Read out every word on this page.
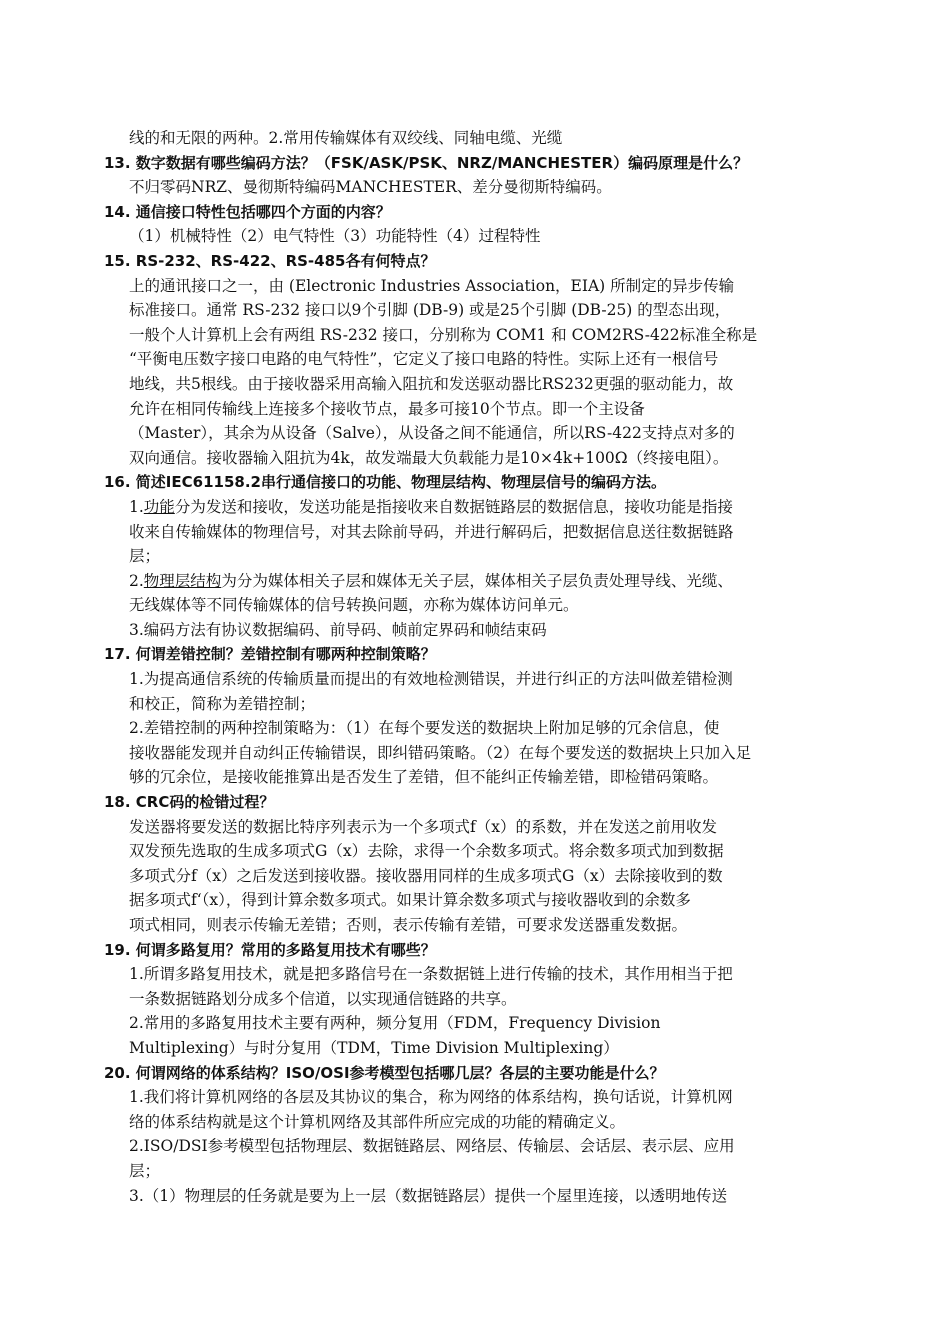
线的和无限的两种。2.常用传输媒体有双绞线、同轴电缆、光缆
13. 数字数据有哪些编码方法？（FSK/ASK/PSK、NRZ/MANCHESTER）编码原理是什么？
不归零码NRZ、曼彻斯特编码MANCHESTER、差分曼彻斯特编码。
14. 通信接口特性包括哪四个方面的内容？
（1）机械特性（2）电气特性（3）功能特性（4）过程特性
15. RS-232、RS-422、RS-485各有何特点？
上的通讯接口之一，由 (Electronic Industries Association，EIA) 所制定的异步传输
标准接口。通常 RS-232 接口以9个引脚 (DB-9) 或是25个引脚 (DB-25) 的型态出现，
一般个人计算机上会有两组 RS-232 接口，分别称为 COM1 和 COM2RS-422标准全称是
“平衡电压数字接口电路的电气特性”，它定义了接口电路的特性。实际上还有一根信号
地线，共5根线。由于接收器采用高输入阻抗和发送驱动器比RS232更强的驱动能力，故
允许在相同传输线上连接多个接收节点，最多可接10个节点。即一个主设备
（Master），其余为从设备（Salve），从设备之间不能通信，所以RS-422支持点对多的
双向通信。接收器输入阻抗为4k，故发端最大负载能力是10×4k+100Ω（终接电阻）。
16. 简述IEC61158.2串行通信接口的功能、物理层结构、物理层信号的编码方法。
1.功能分为发送和接收，发送功能是指接收来自数据链路层的数据信息，接收功能是指接
收来自传输媒体的物理信号，对其去除前导码，并进行解码后，把数据信息送往数据链路
层；
2.物理层结构为分为媒体相关子层和媒体无关子层，媒体相关子层负责处理导线、光缆、
无线媒体等不同传输媒体的信号转换问题，亦称为媒体访问单元。
3.编码方法有协议数据编码、前导码、帧前定界码和帧结束码
17. 何谓差错控制？差错控制有哪两种控制策略？
1.为提高通信系统的传输质量而提出的有效地检测错误，并进行纠正的方法叫做差错检测
和校正，简称为差错控制；
2.差错控制的两种控制策略为：（1）在每个要发送的数据块上附加足够的冗余信息，使
接收器能发现并自动纠正传输错误，即纠错码策略。（2）在每个要发送的数据块上只加入足
够的冗余位，是接收能推算出是否发生了差错，但不能纠正传输差错，即检错码策略。
18. CRC码的检错过程？
发送器将要发送的数据比特序列表示为一个多项式f（x）的系数，并在发送之前用收发
双发预先选取的生成多项式G（x）去除，求得一个余数多项式。将余数多项式加到数据
多项式分f（x）之后发送到接收器。接收器用同样的生成多项式G（x）去除接收到的数
据多项式f‘（x），得到计算余数多项式。如果计算余数多项式与接收器收到的余数多
项式相同，则表示传输无差错；否则，表示传输有差错，可要求发送器重发数据。
19. 何谓多路复用？常用的多路复用技术有哪些？
1.所谓多路复用技术，就是把多路信号在一条数据链上进行传输的技术，其作用相当于把
一条数据链路划分成多个信道，以实现通信链路的共享。
2.常用的多路复用技术主要有两种，频分复用（FDM，Frequency Division
Multiplexing）与时分复用（TDM，Time Division Multiplexing）
20. 何谓网络的体系结构？ISO/OSI参考模型包括哪几层？各层的主要功能是什么？
1.我们将计算机网络的各层及其协议的集合，称为网络的体系结构，换句话说，计算机网
络的体系结构就是这个计算机网络及其部件所应完成的功能的精确定义。
2.ISO/DSI参考模型包括物理层、数据链路层、网络层、传输层、会话层、表示层、应用
层；
3.（1）物理层的任务就是要为上一层（数据链路层）提供一个屋里连接，以透明地传送
